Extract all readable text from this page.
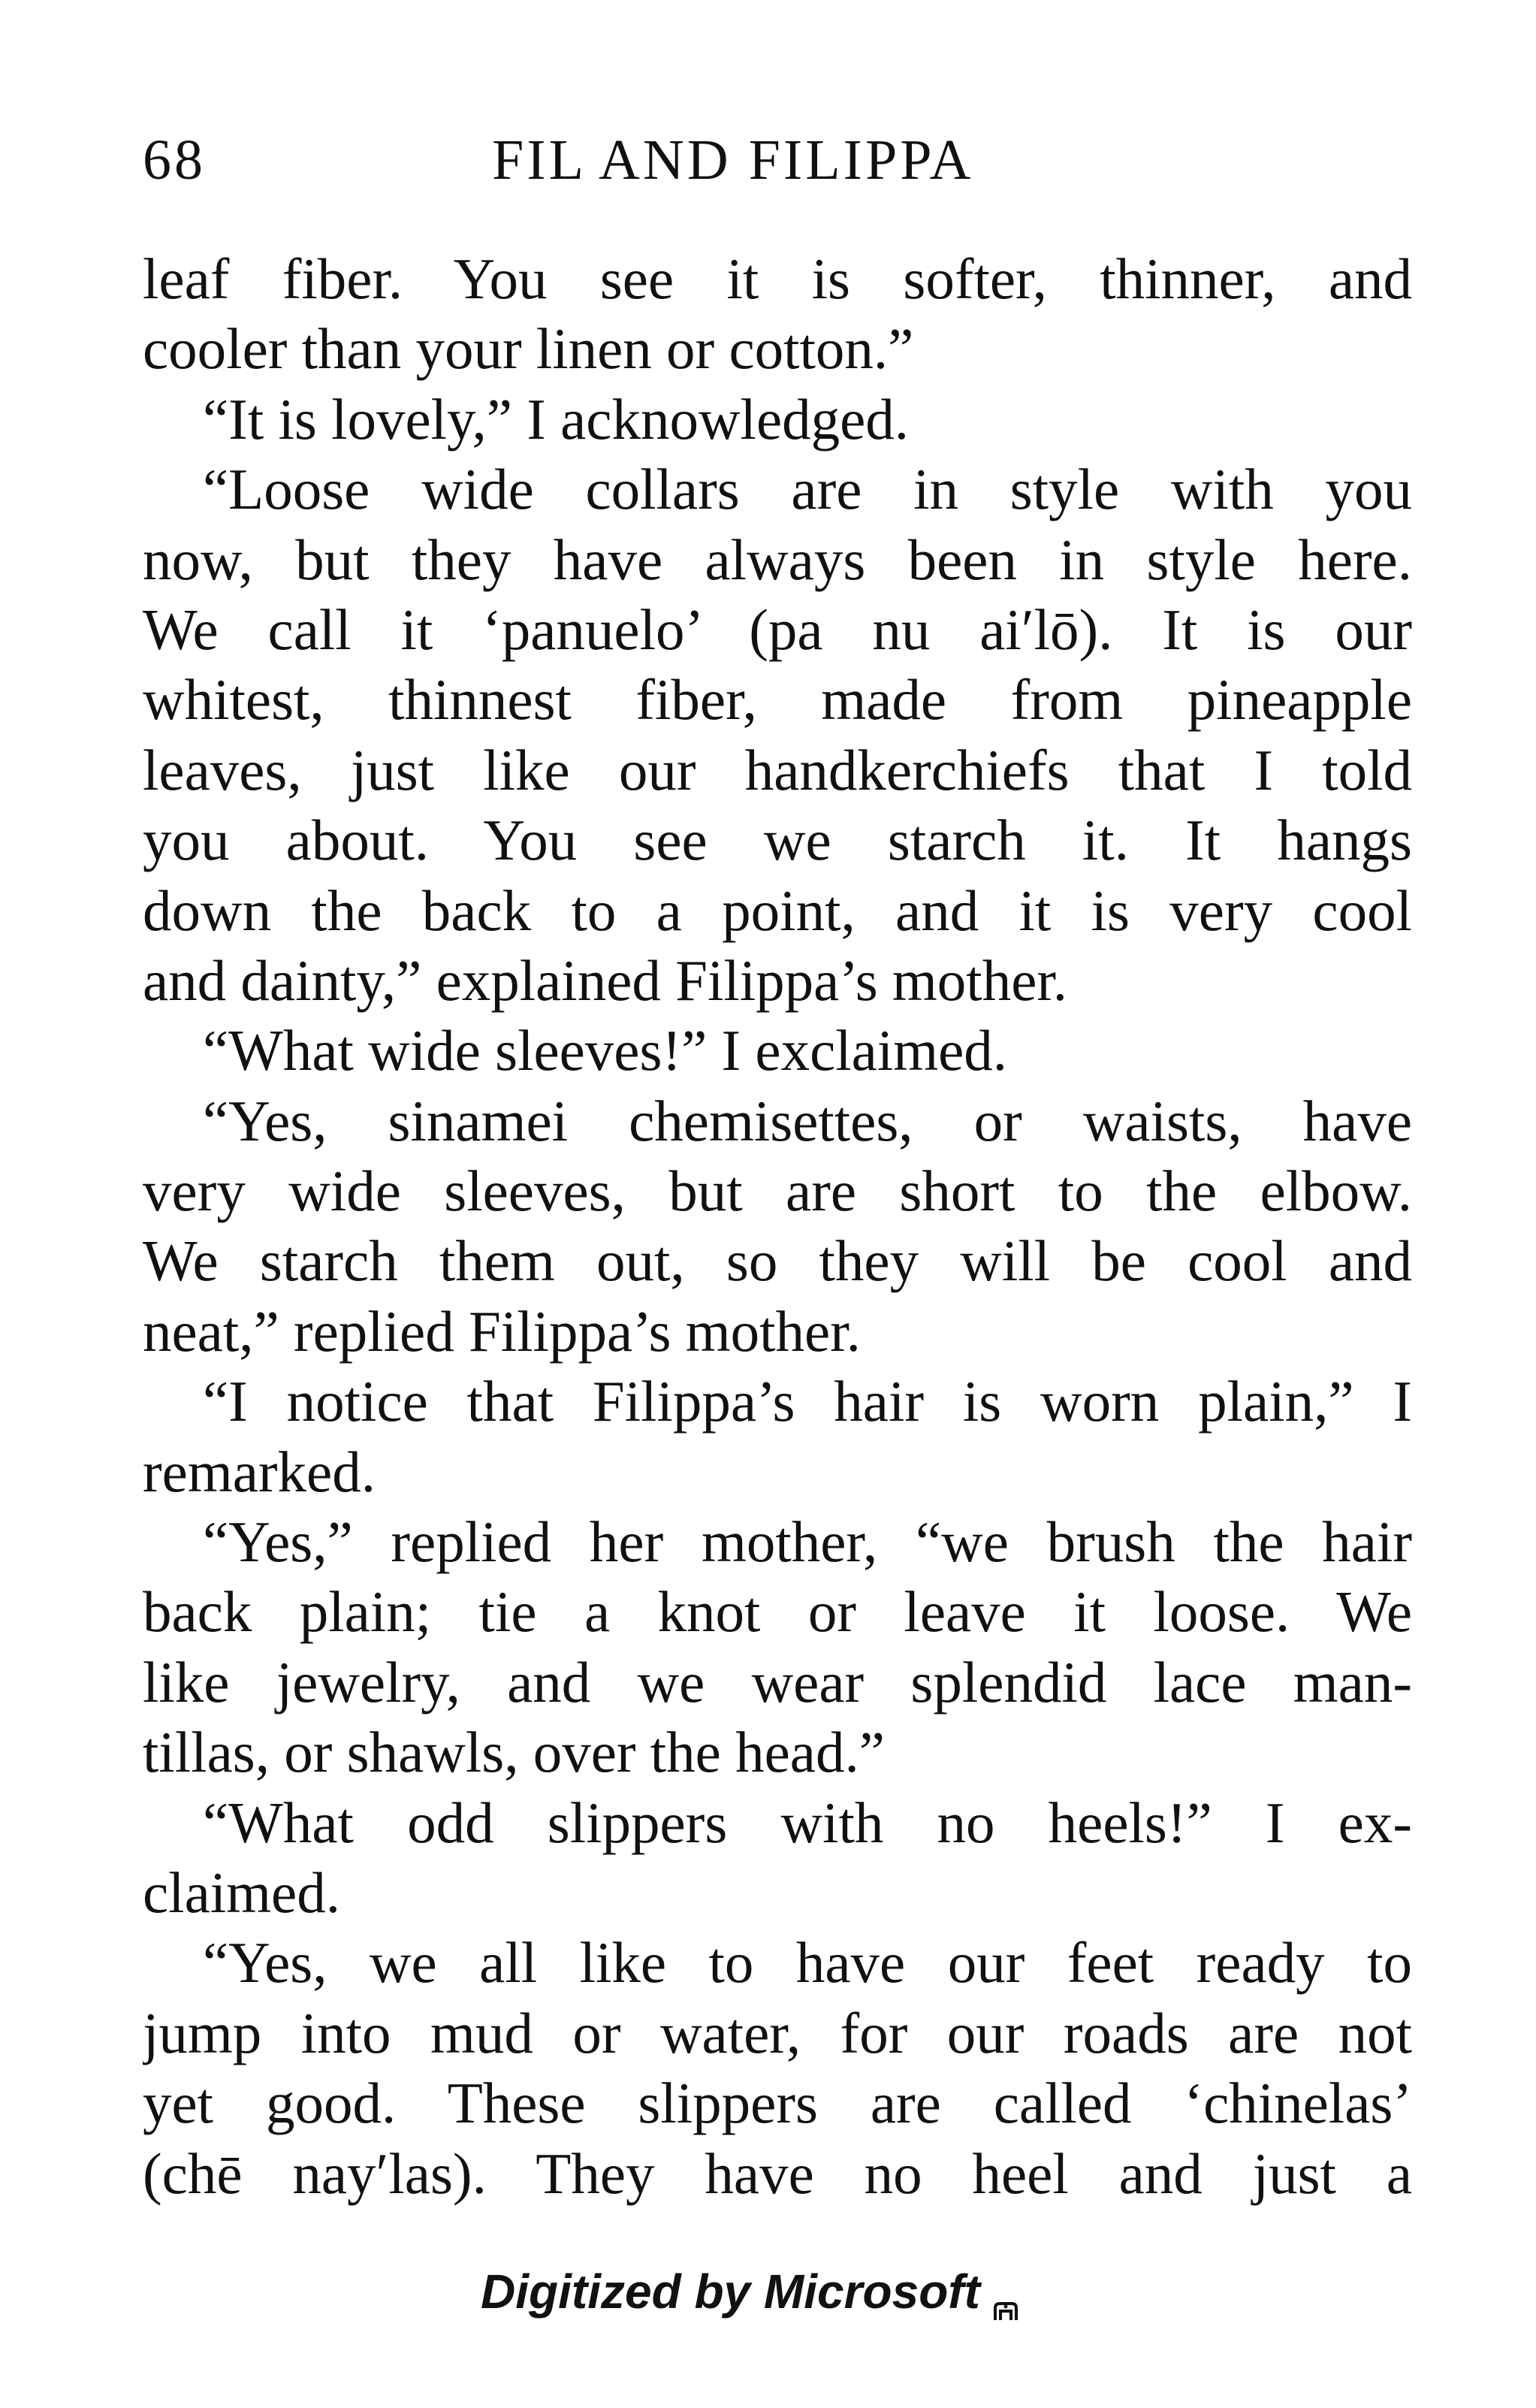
68	FIL AND FILIPPA
leaf fiber. You see it is softer, thinner, and
cooler than your linen or cotton.”
“It is lovely,” I acknowledged.
“Loose wide collars are in style with you
now, but they have always been in style here.
We call it ‘panuelo’ (pa nu ai′lō). It is our
whitest, thinnest fiber, made from pineapple
leaves, just like our handkerchiefs that I told
you about. You see we starch it. It hangs
down the back to a point, and it is very cool
and dainty,” explained Filippa’s mother.
“What wide sleeves!” I exclaimed.
“Yes, sinamei chemisettes, or waists, have
very wide sleeves, but are short to the elbow.
We starch them out, so they will be cool and
neat,” replied Filippa’s mother.
“I notice that Filippa’s hair is worn plain,” I
remarked.
“Yes,” replied her mother, “we brush the hair
back plain; tie a knot or leave it loose. We
like jewelry, and we wear splendid lace man-
tillas, or shawls, over the head.”
“What odd slippers with no heels!” I ex-
claimed.
“Yes, we all like to have our feet ready to
jump into mud or water, for our roads are not
yet good. These slippers are called ‘chinelas’
(chē nay′las). They have no heel and just a
Digitized by Microsoft
